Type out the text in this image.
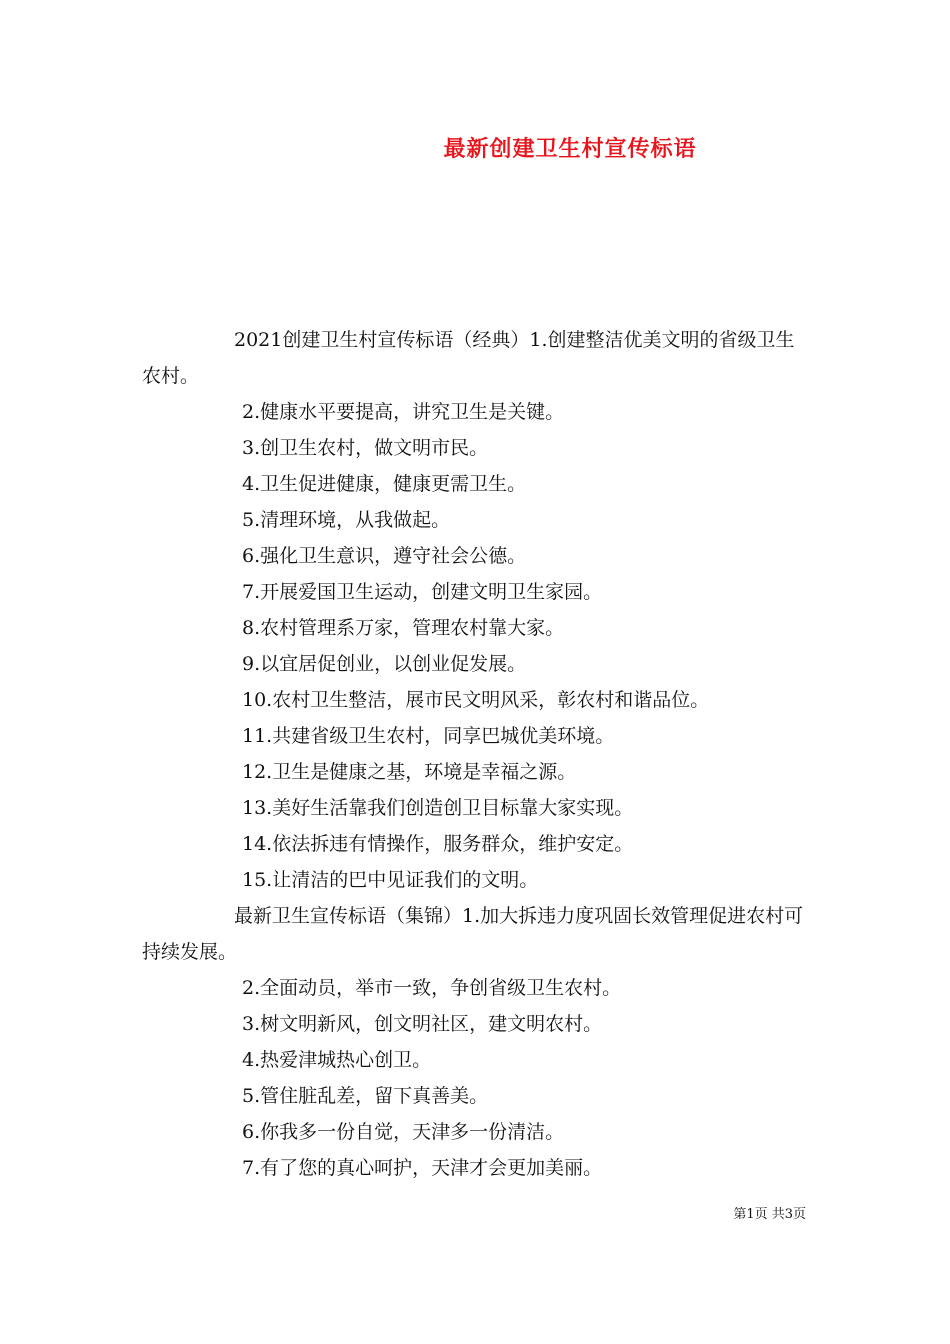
最新创建卫生村宣传标语

2021创建卫生村宣传标语（经典）1.创建整洁优美文明的省级卫生农村。

2.健康水平要提高，讲究卫生是关键。

3.创卫生农村，做文明市民。

4.卫生促进健康，健康更需卫生。

5.清理环境，从我做起。

6.强化卫生意识，遵守社会公德。

7.开展爱国卫生运动，创建文明卫生家园。

8.农村管理系万家，管理农村靠大家。

9.以宜居促创业，以创业促发展。

10.农村卫生整洁，展市民文明风采，彰农村和谐品位。

11.共建省级卫生农村，同享巴城优美环境。

12.卫生是健康之基，环境是幸福之源。

13.美好生活靠我们创造创卫目标靠大家实现。

14.依法拆违有情操作，服务群众，维护安定。

15.让清洁的巴中见证我们的文明。

最新卫生宣传标语（集锦）1.加大拆违力度巩固长效管理促进农村可持续发展。

2.全面动员，举市一致，争创省级卫生农村。

3.树文明新风，创文明社区，建文明农村。

4.热爱津城热心创卫。

5.管住脏乱差，留下真善美。

6.你我多一份自觉，天津多一份清洁。

7.有了您的真心呵护，天津才会更加美丽。

第1页 共3页
